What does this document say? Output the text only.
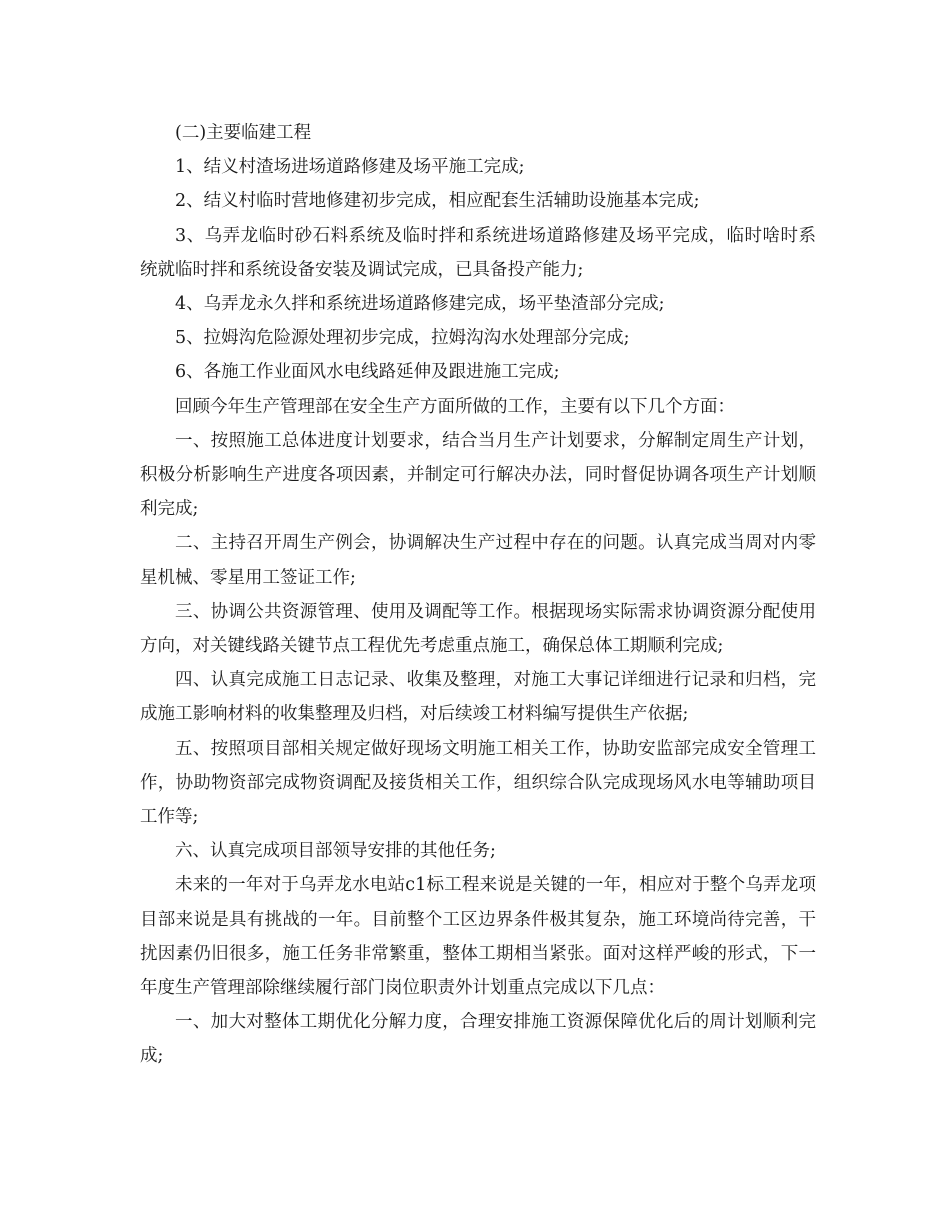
(二)主要临建工程

1、结义村渣场进场道路修建及场平施工完成;

2、结义村临时营地修建初步完成，相应配套生活辅助设施基本完成;

3、乌弄龙临时砂石料系统及临时拌和系统进场道路修建及场平完成，临时啥时系统就临时拌和系统设备安装及调试完成，已具备投产能力;

4、乌弄龙永久拌和系统进场道路修建完成，场平垫渣部分完成;

5、拉姆沟危险源处理初步完成，拉姆沟沟水处理部分完成;

6、各施工作业面风水电线路延伸及跟进施工完成;

回顾今年生产管理部在安全生产方面所做的工作，主要有以下几个方面：

一、按照施工总体进度计划要求，结合当月生产计划要求，分解制定周生产计划，积极分析影响生产进度各项因素，并制定可行解决办法，同时督促协调各项生产计划顺利完成;

二、主持召开周生产例会，协调解决生产过程中存在的问题。认真完成当周对内零星机械、零星用工签证工作;

三、协调公共资源管理、使用及调配等工作。根据现场实际需求协调资源分配使用方向，对关键线路关键节点工程优先考虑重点施工，确保总体工期顺利完成;

四、认真完成施工日志记录、收集及整理，对施工大事记详细进行记录和归档，完成施工影响材料的收集整理及归档，对后续竣工材料编写提供生产依据;

五、按照项目部相关规定做好现场文明施工相关工作，协助安监部完成安全管理工作，协助物资部完成物资调配及接货相关工作，组织综合队完成现场风水电等辅助项目工作等;

六、认真完成项目部领导安排的其他任务;

未来的一年对于乌弄龙水电站c1标工程来说是关键的一年，相应对于整个乌弄龙项目部来说是具有挑战的一年。目前整个工区边界条件极其复杂，施工环境尚待完善，干扰因素仍旧很多，施工任务非常繁重，整体工期相当紧张。面对这样严峻的形式，下一年度生产管理部除继续履行部门岗位职责外计划重点完成以下几点：

一、加大对整体工期优化分解力度，合理安排施工资源保障优化后的周计划顺利完成;
